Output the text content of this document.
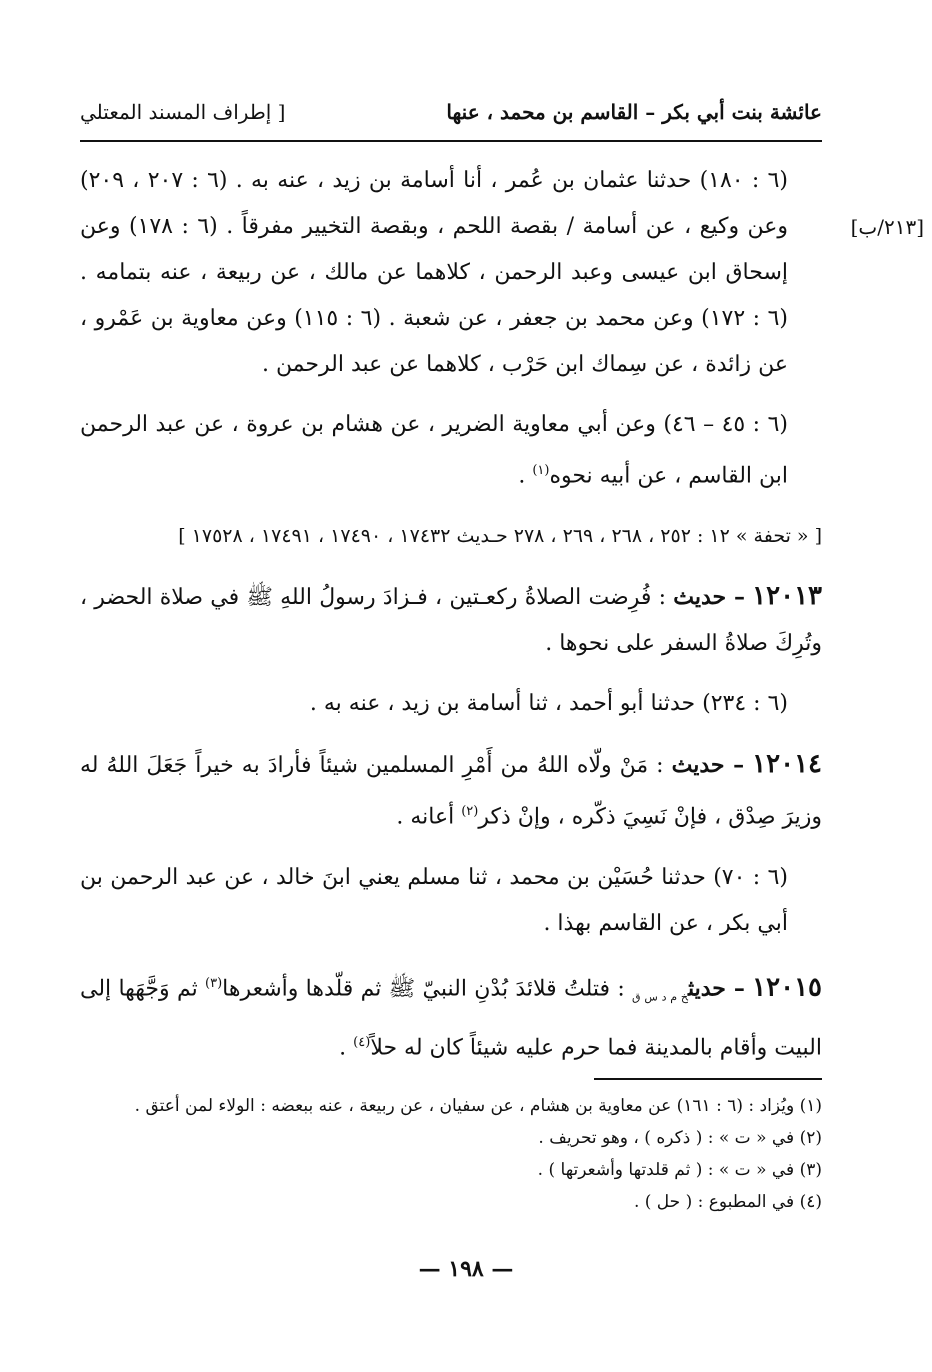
عائشة بنت أبي بكر – القاسم بن محمد ، عنها
[ إطراف المسند المعتلي

[٢١٣/ب]
(٦ : ١٨٠) حدثنا عثمان بن عُمر ، أنا أسامة بن زيد ، عنه به . (٦ : ٢٠٧ ، ٢٠٩) وعن وكيع ، عن أسامة / بقصة اللحم ، وبقصة التخيير مفرقاً . (٦ : ١٧٨) وعن إسحاق ابن عيسى وعبد الرحمن ، كلاهما عن مالك ، عن ربيعة ، عنه بتمامه . (٦ : ١٧٢) وعن محمد بن جعفر ، عن شعبة . (٦ : ١١٥) وعن معاوية بن عَمْرو ، عن زائدة ، عن سِماك ابن حَرْب ، كلاهما عن عبد الرحمن .

(٦ : ٤٥ – ٤٦) وعن أبي معاوية الضرير ، عن هشام بن عروة ، عن عبد الرحمن ابن القاسم ، عن أبيه نحوه$^{(١)}$ .

[ « تحفة » ١٢ : ٢٥٢ ، ٢٦٨ ، ٢٦٩ ، ٢٧٨ حـديث ١٧٤٣٢ ، ١٧٤٩٠ ، ١٧٤٩١ ، ١٧٥٢٨ ]

١٢٠١٣ – حديث : فُرِضت الصلاةُ ركعـتين ، فـزادَ رسولُ اللهِ ﷺ في صلاة الحضر ، وتُرِكَ صلاةُ السفر على نحوها .

(٦ : ٢٣٤) حدثنا أبو أحمد ، ثنا أسامة بن زيد ، عنه به .

١٢٠١٤ – حديث : مَنْ ولّاه اللهُ من أَمْرِ المسلمين شيئاً فأرادَ به خيراً جَعَلَ اللهُ له وزيرَ صِدْق ، فإنْ نَسِيَ ذكّره ، وإنْ ذكر$^{(٢)}$ أعانه .

(٦ : ٧٠) حدثنا حُسَيْن بن محمد ، ثنا مسلم يعني ابنَ خالد ، عن عبد الرحمن بن أبي بكر ، عن القاسم بهذا .

١٢٠١٥ – حديث$_{خ م د س ق}$ : فتلتُ قلائدَ بُدْنِ النبيّ ﷺ ثم قلّدها وأشعرها$^{(٣)}$ ثم وَجَّهَها إلى البيت وأقام بالمدينة فما حرم عليه شيئاً كان له حلاً$^{(٤)}$ .

(١) ويُزاد : (٦ : ١٦١) عن معاوية بن هشام ، عن سفيان ، عن ربيعة ، عنه ببعضه : الولاء لمن أعتق .
(٢) في « ت » : ( ذكره ) ، وهو تحريف .
(٣) في « ت » : ( ثم قلدتها وأشعرتها ) .
(٤) في المطبوع : ( حل ) .
— ١٩٨ —
